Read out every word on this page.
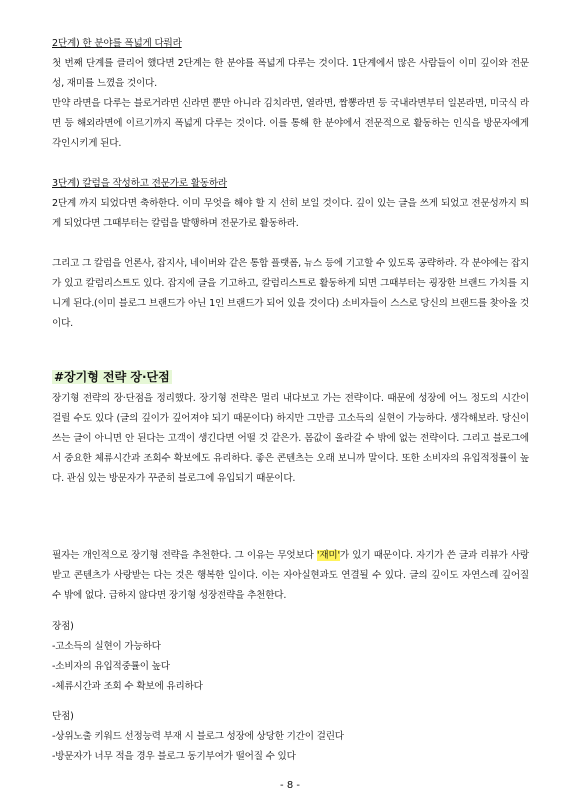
2단계) 한 분야를 폭넓게 다뤄라

첫 번째 단계를 클리어 했다면 2단계는 한 분야를 폭넓게 다루는 것이다. 1단계에서 많은 사람들이 이미 깊이와 전문성, 재미를 느꼈을 것이다.

만약 라면을 다루는 블로거라면 신라면 뿐만 아니라 김치라면, 열라면, 짬뽕라면 등 국내라면부터 일본라면, 미국식 라면 등 해외라면에 이르기까지 폭넓게 다루는 것이다. 이를 통해 한 분야에서 전문적으로 활동하는 인식을 방문자에게 각인시키게 된다.

3단계) 칼럼을 작성하고 전문가로 활동하라

2단계 까지 되었다면 축하한다. 이미 무엇을 해야 할 지 선히 보일 것이다. 깊이 있는 글을 쓰게 되었고 전문성까지 띄게 되었다면 그때부터는 칼럼을 발행하며 전문가로 활동하라.

그리고 그 칼럼을 언론사, 잡지사, 네이버와 같은 통합 플랫폼, 뉴스 등에 기고할 수 있도록 공략하라. 각 분야에는 잡지가 있고 칼럼리스트도 있다. 잡지에 글을 기고하고, 칼럼리스트로 활동하게 되면 그때부터는 굉장한 브랜드 가치를 지니게 된다.(이미 블로그 브랜드가 아닌 1인 브랜드가 되어 있을 것이다) 소비자들이 스스로 당신의 브랜드를 찾아올 것이다.

#장기형 전략 장·단점

장기형 전략의 장·단점을 정리했다. 장기형 전략은 멀리 내다보고 가는 전략이다. 때문에 성장에 어느 정도의 시간이 걸릴 수도 있다 (글의 깊이가 깊어져야 되기 때문이다) 하지만 그만큼 고소득의 실현이 가능하다. 생각해보라. 당신이 쓰는 글이 아니면 안 된다는 고객이 생긴다면 어떨 것 같은가. 몸값이 올라갈 수 밖에 없는 전략이다. 그리고 블로그에서 중요한 체류시간과 조회수 확보에도 유리하다. 좋은 콘텐츠는 오래 보니까 말이다. 또한 소비자의 유입적정률이 높다. 관심 있는 방문자가 꾸준히 블로그에 유입되기 때문이다.

필자는 개인적으로 장기형 전략을 추천한다. 그 이유는 무엇보다 '재미'가 있기 때문이다. 자기가 쓴 글과 리뷰가 사랑받고 콘텐츠가 사랑받는 다는 것은 행복한 일이다. 이는 자아실현과도 연결될 수 있다. 글의 깊이도 자연스레 깊어질 수 밖에 없다. 급하지 않다면 장기형 성장전략을 추천한다.

장점)

-고소득의 실현이 가능하다

-소비자의 유입적중률이 높다

-체류시간과 조회 수 확보에 유리하다

단점)

-상위노출 키워드 선정능력 부재 시 블로그 성장에 상당한 기간이 걸린다

-방문자가 너무 적을 경우 블로그 동기부여가 떨어질 수 있다

- 8 -
